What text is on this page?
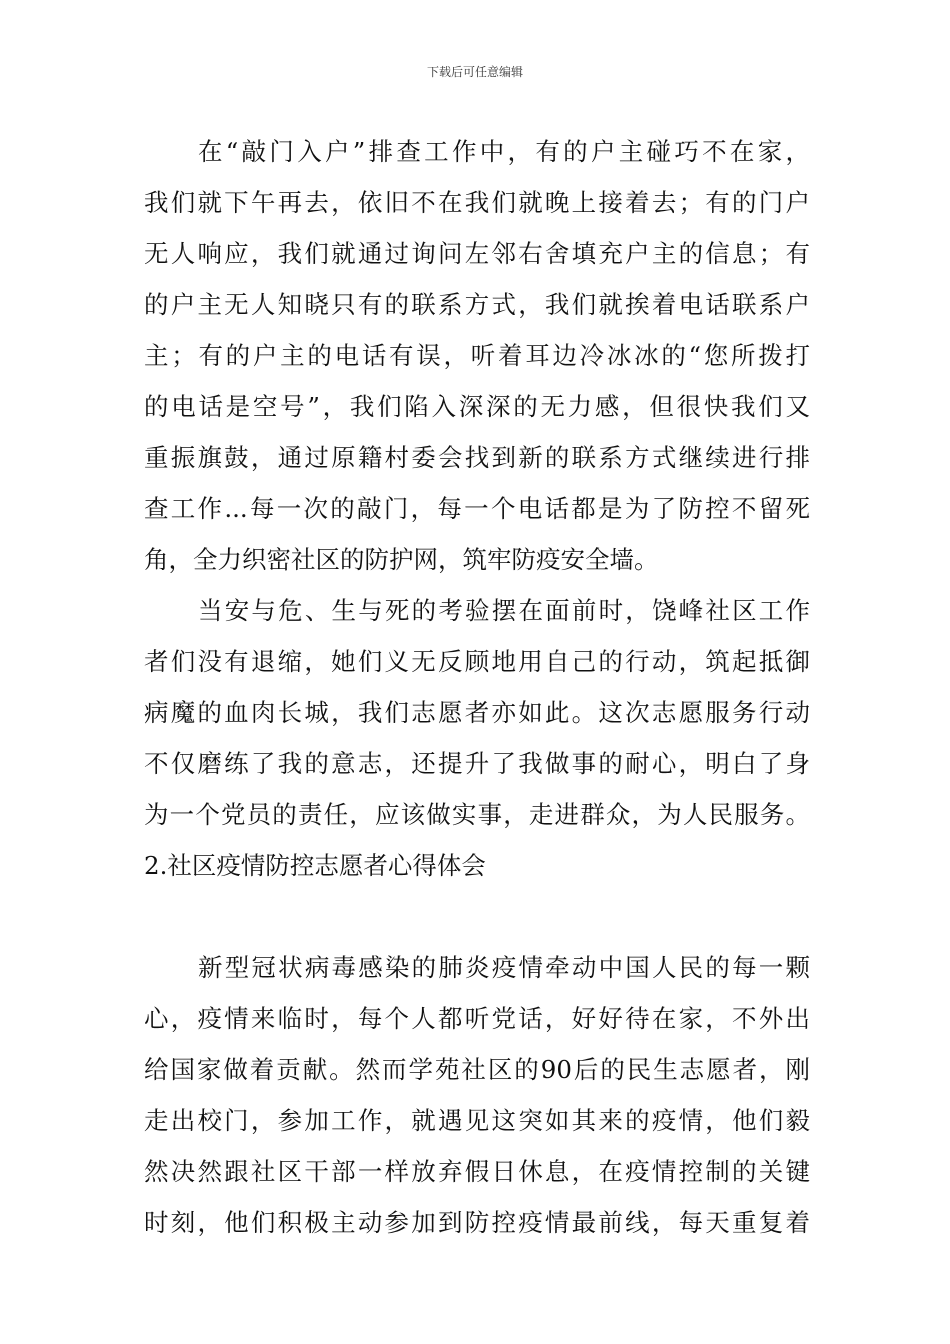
下载后可任意编辑
在“敲门入户”排查工作中，有的户主碰巧不在家，
我们就下午再去，依旧不在我们就晚上接着去；有的门户
无人响应，我们就通过询问左邻右舍填充户主的信息；有
的户主无人知晓只有的联系方式，我们就挨着电话联系户
主；有的户主的电话有误，听着耳边冷冰冰的“您所拨打
的电话是空号”，我们陷入深深的无力感，但很快我们又
重振旗鼓，通过原籍村委会找到新的联系方式继续进行排
查工作...每一次的敲门，每一个电话都是为了防控不留死
角，全力织密社区的防护网，筑牢防疫安全墙。
当安与危、生与死的考验摆在面前时，饶峰社区工作
者们没有退缩，她们义无反顾地用自己的行动，筑起抵御
病魔的血肉长城，我们志愿者亦如此。这次志愿服务行动
不仅磨练了我的意志，还提升了我做事的耐心，明白了身
为一个党员的责任，应该做实事，走进群众，为人民服务。
2.社区疫情防控志愿者心得体会
新型冠状病毒感染的肺炎疫情牵动中国人民的每一颗
心，疫情来临时，每个人都听党话，好好待在家，不外出
给国家做着贡献。然而学苑社区的90后的民生志愿者，刚
走出校门，参加工作，就遇见这突如其来的疫情，他们毅
然决然跟社区干部一样放弃假日休息，在疫情控制的关键
时刻，他们积极主动参加到防控疫情最前线，每天重复着
